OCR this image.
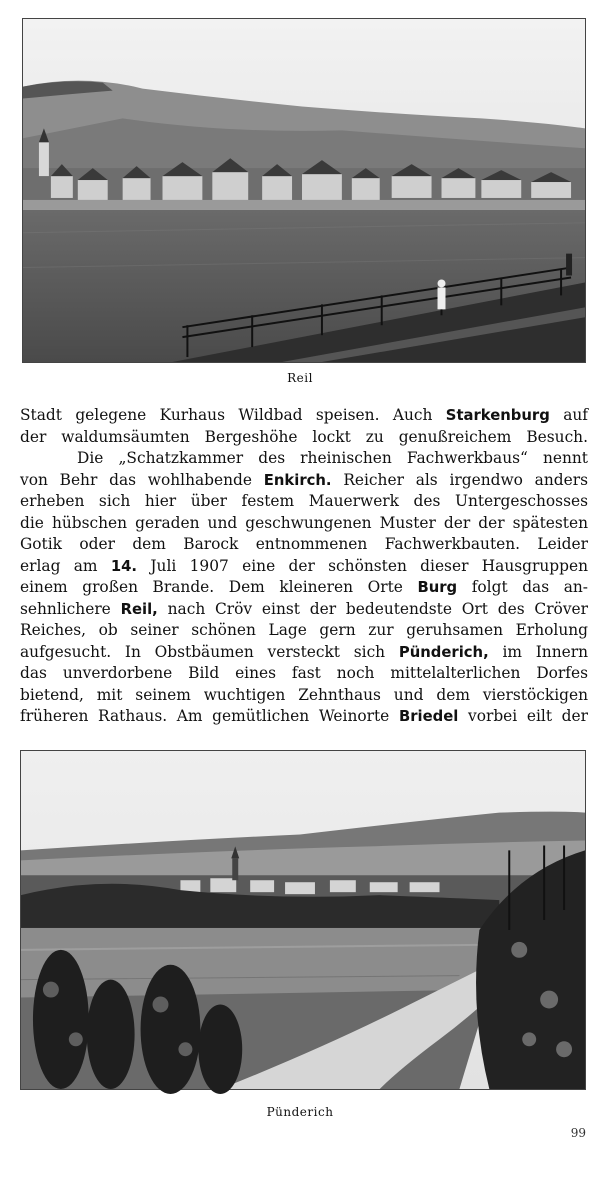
Reil
Stadt gelegene Kurhaus Wildbad speisen. Auch Starkenburg auf
der waldumsäumten Bergeshöhe lockt zu genußreichem Besuch.
Die „Schatzkammer des rheinischen Fachwerkbaus“ nennt
von Behr das wohlhabende Enkirch. Reicher als irgendwo anders
erheben sich hier über festem Mauerwerk des Untergeschosses
die hübschen geraden und geschwungenen Muster der der spätesten
Gotik oder dem Barock entnommenen Fachwerkbauten. Leider
erlag am 14. Juli 1907 eine der schönsten dieser Hausgruppen
einem großen Brande. Dem kleineren Orte Burg folgt das an-
sehnlichere Reil, nach Cröv einst der bedeutendste Ort des Cröver
Reiches, ob seiner schönen Lage gern zur geruhsamen Erholung
aufgesucht. In Obstbäumen versteckt sich Pünderich, im Innern
das unverdorbene Bild eines fast noch mittelalterlichen Dorfes
bietend, mit seinem wuchtigen Zehnthaus und dem vierstöckigen
früheren Rathaus. Am gemütlichen Weinorte Briedel vorbei eilt der
Pünderich
99
